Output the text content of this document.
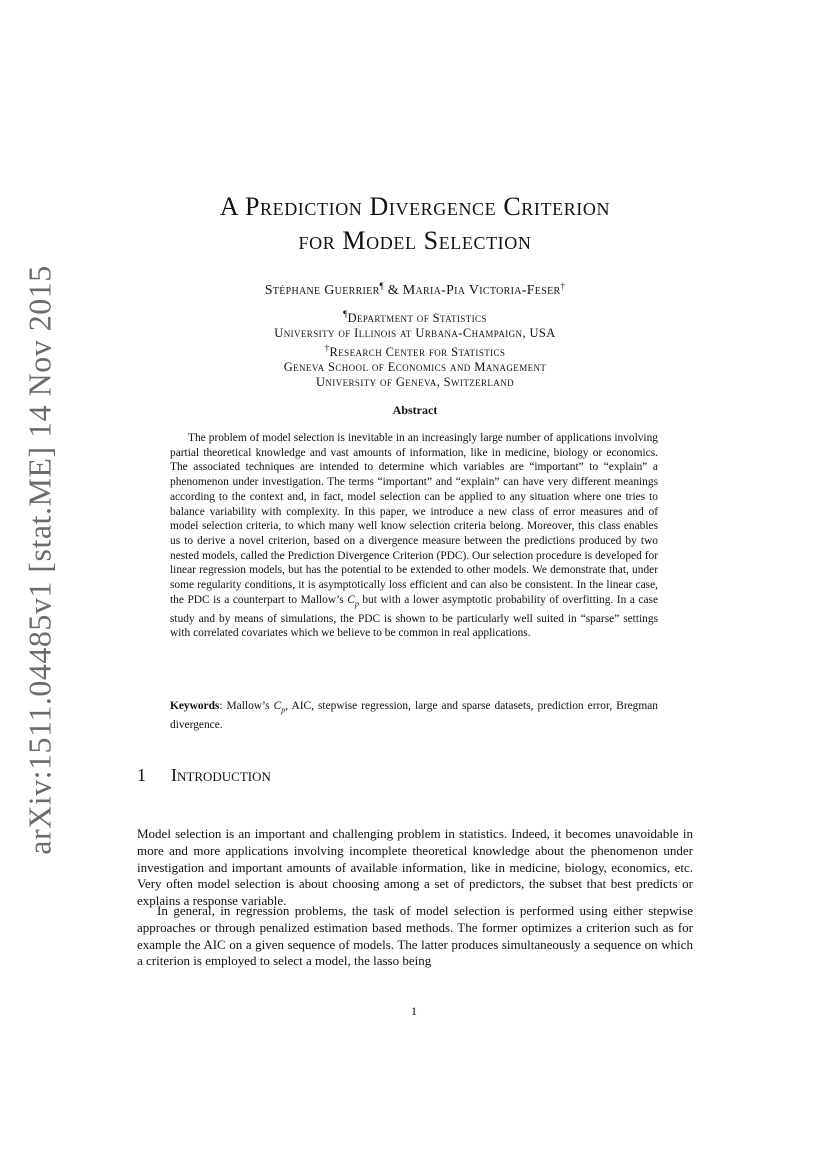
arXiv:1511.04485v1 [stat.ME] 14 Nov 2015
A Prediction Divergence Criterion
for Model Selection
Stéphane Guerrier¶ & Maria-Pia Victoria-Feser†
¶Department of Statistics
University of Illinois at Urbana-Champaign, USA
†Research Center for Statistics
Geneva School of Economics and Management
University of Geneva, Switzerland
Abstract

The problem of model selection is inevitable in an increasingly large number of applications involving partial theoretical knowledge and vast amounts of information, like in medicine, biology or economics. The associated techniques are intended to determine which variables are “important” to “explain” a phenomenon under investigation. The terms “important” and “explain” can have very different meanings according to the context and, in fact, model selection can be applied to any situation where one tries to balance variability with complexity. In this paper, we introduce a new class of error measures and of model selection criteria, to which many well know selection criteria belong. Moreover, this class enables us to derive a novel criterion, based on a divergence measure between the predictions produced by two nested models, called the Prediction Divergence Criterion (PDC). Our selection procedure is developed for linear regression models, but has the potential to be extended to other models. We demonstrate that, under some regularity conditions, it is asymptotically loss efficient and can also be consistent. In the linear case, the PDC is a counterpart to Mallow’s $C_p$ but with a lower asymptotic probability of overfitting. In a case study and by means of simulations, the PDC is shown to be particularly well suited in “sparse” settings with correlated covariates which we believe to be common in real applications.

Keywords: Mallow’s $C_p$, AIC, stepwise regression, large and sparse datasets, prediction error, Bregman divergence.

1 Introduction

Model selection is an important and challenging problem in statistics. Indeed, it becomes unavoidable in more and more applications involving incomplete theoretical knowledge about the phenomenon under investigation and important amounts of available information, like in medicine, biology, economics, etc. Very often model selection is about choosing among a set of predictors, the subset that best predicts or explains a response variable.

In general, in regression problems, the task of model selection is performed using either stepwise approaches or through penalized estimation based methods. The former optimizes a criterion such as for example the AIC on a given sequence of models. The latter produces simultaneously a sequence on which a criterion is employed to select a model, the lasso being

1
